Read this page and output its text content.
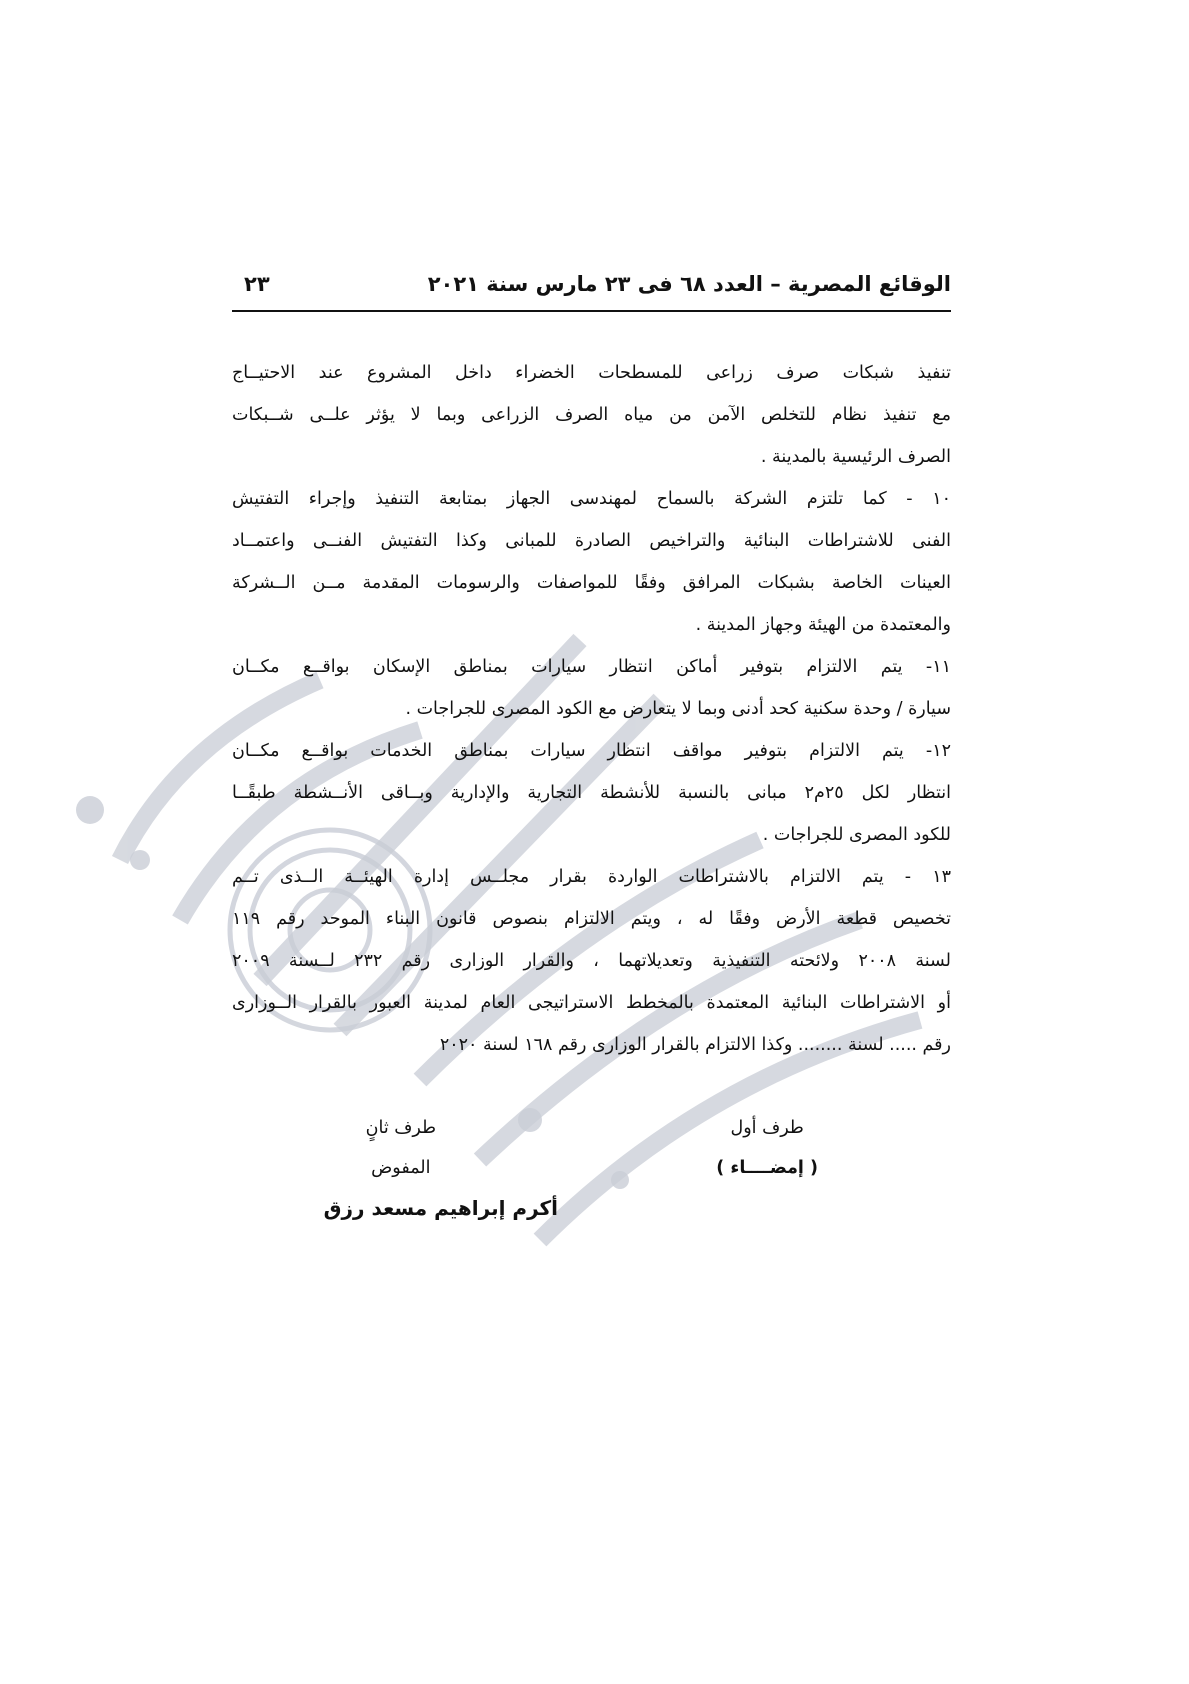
الوقائع المصرية – العدد ٦٨ فى ٢٣ مارس سنة ٢٠٢١
٢٣
تنفيذ شبكات صرف زراعى للمسطحات الخضراء داخل المشروع عند الاحتيــاج
مع تنفيذ نظام للتخلص الآمن من مياه الصرف الزراعى وبما لا يؤثر علــى شــبكات
الصرف الرئيسية بالمدينة .
١٠ - كما تلتزم الشركة بالسماح لمهندسى الجهاز بمتابعة التنفيذ وإجراء التفتيش
الفنى للاشتراطات البنائية والتراخيص الصادرة للمبانى وكذا التفتيش الفنــى واعتمــاد
العينات الخاصة بشبكات المرافق وفقًا للمواصفات والرسومات المقدمة مــن الــشركة
والمعتمدة من الهيئة وجهاز المدينة .
١١- يتم الالتزام بتوفير أماكن انتظار سيارات بمناطق الإسكان بواقــع مكــان
سيارة / وحدة سكنية كحد أدنى وبما لا يتعارض مع الكود المصرى للجراجات .
١٢- يتم الالتزام بتوفير مواقف انتظار سيارات بمناطق الخدمات بواقــع مكــان
انتظار لكل ٢٥م٢ مبانى بالنسبة للأنشطة التجارية والإدارية وبــاقى الأنــشطة طبقًــا
للكود المصرى للجراجات .
١٣ - يتم الالتزام بالاشتراطات الواردة بقرار مجلــس إدارة الهيئــة الــذى تــم
تخصيص قطعة الأرض وفقًا له ، ويتم الالتزام بنصوص قانون البناء الموحد رقم ١١٩
لسنة ٢٠٠٨ ولائحته التنفيذية وتعديلاتهما ، والقرار الوزارى رقم ٢٣٢ لــسنة ٢٠٠٩
أو الاشتراطات البنائية المعتمدة بالمخطط الاستراتيجى العام لمدينة العبور بالقرار الــوزارى
رقم ..... لسنة ........ وكذا الالتزام بالقرار الوزارى رقم ١٦٨ لسنة ٢٠٢٠
طرف أول
( إمضــــاء )
طرف ثانٍ
المفوض
أكرم إبراهيم مسعد رزق
